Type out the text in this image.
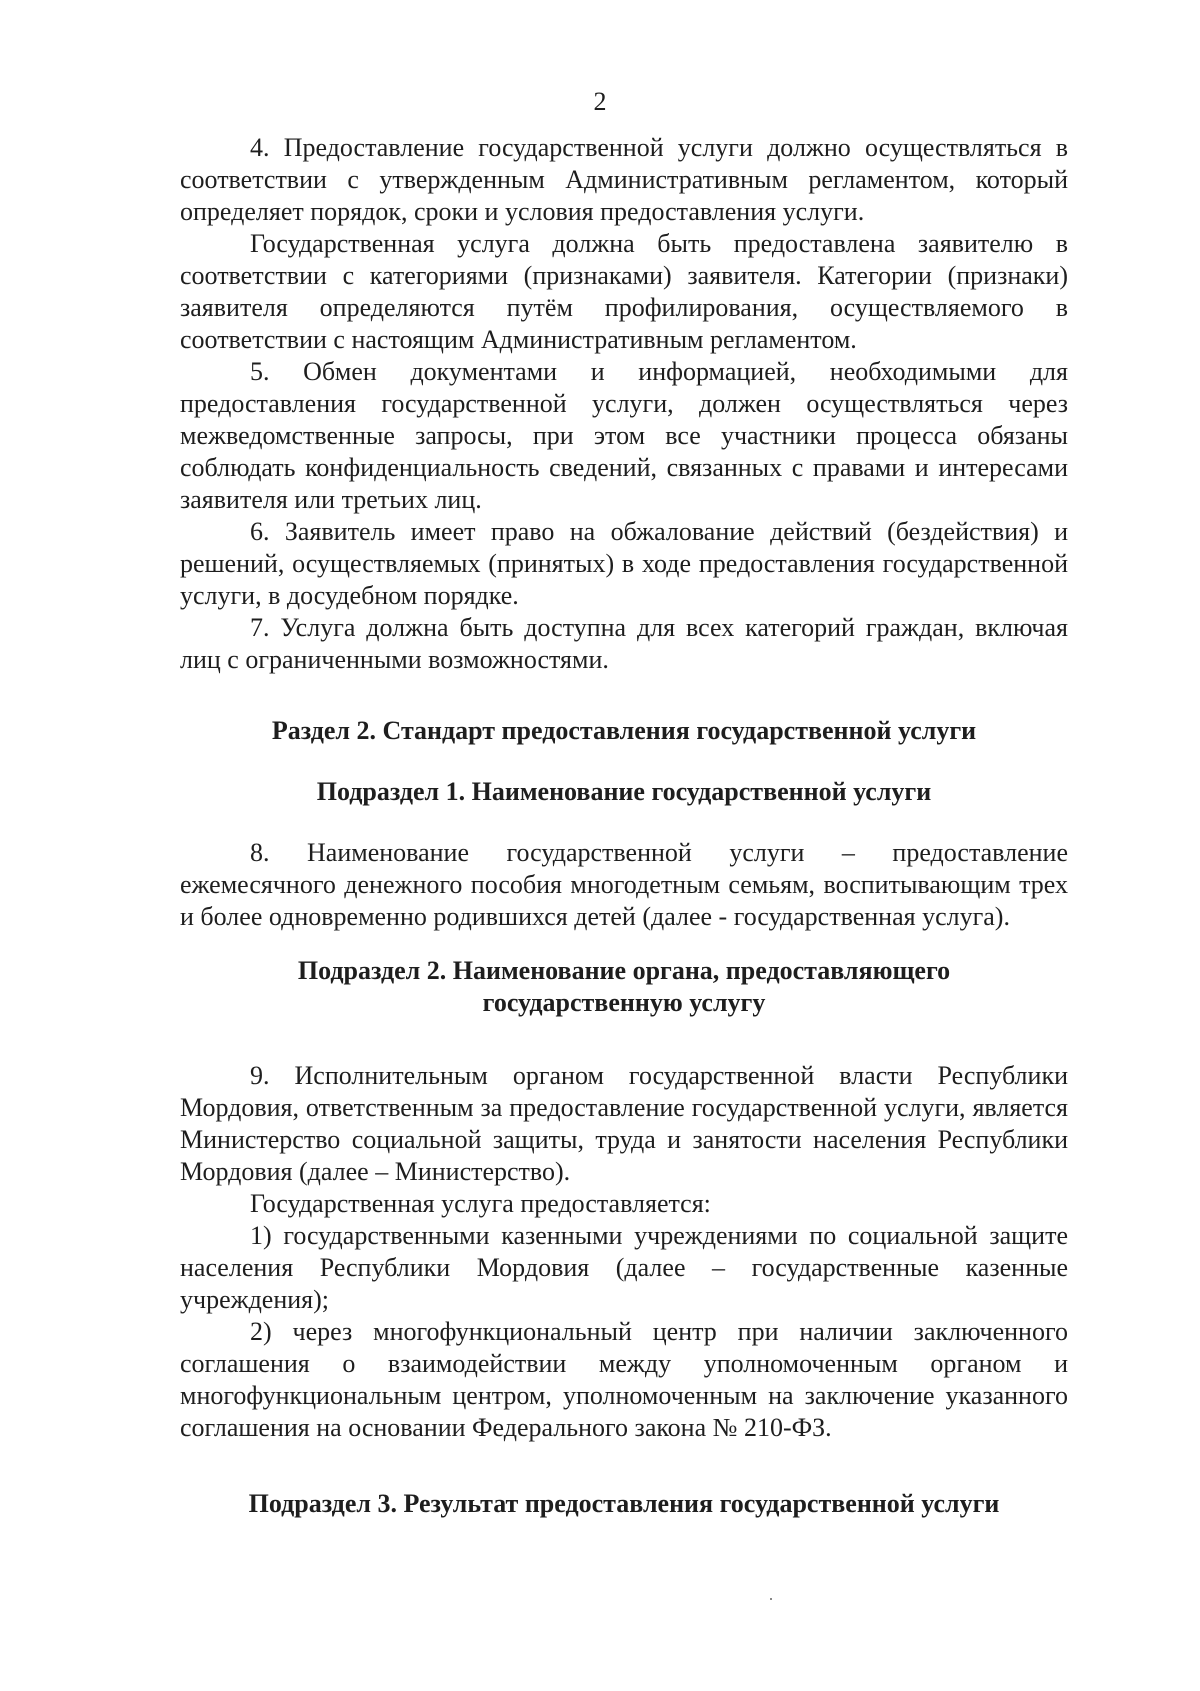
2

4. Предоставление государственной услуги должно осуществляться в соответствии с утвержденным Административным регламентом, который определяет порядок, сроки и условия предоставления услуги.

Государственная услуга должна быть предоставлена заявителю в соответствии с категориями (признаками) заявителя. Категории (признаки) заявителя определяются путём профилирования, осуществляемого в соответствии с настоящим Административным регламентом.

5. Обмен документами и информацией, необходимыми для предоставления государственной услуги, должен осуществляться через межведомственные запросы, при этом все участники процесса обязаны соблюдать конфиденциальность сведений, связанных с правами и интересами заявителя или третьих лиц.

6. Заявитель имеет право на обжалование действий (бездействия) и решений, осуществляемых (принятых) в ходе предоставления государственной услуги, в досудебном порядке.

7. Услуга должна быть доступна для всех категорий граждан, включая лиц с ограниченными возможностями.

Раздел 2. Стандарт предоставления государственной услуги
Подраздел 1. Наименование государственной услуги

8. Наименование государственной услуги – предоставление ежемесячного денежного пособия многодетным семьям, воспитывающим трех и более одновременно родившихся детей (далее - государственная услуга).

Подраздел 2. Наименование органа, предоставляющего
государственную услугу

9. Исполнительным органом государственной власти Республики Мордовия, ответственным за предоставление государственной услуги, является Министерство социальной защиты, труда и занятости населения Республики Мордовия (далее – Министерство).

Государственная услуга предоставляется:

1) государственными казенными учреждениями по социальной защите населения Республики Мордовия (далее – государственные казенные учреждения);

2) через многофункциональный центр при наличии заключенного соглашения о взаимодействии между уполномоченным органом и многофункциональным центром, уполномоченным на заключение указанного соглашения на основании Федерального закона № 210-ФЗ.

Подраздел 3. Результат предоставления государственной услуги
